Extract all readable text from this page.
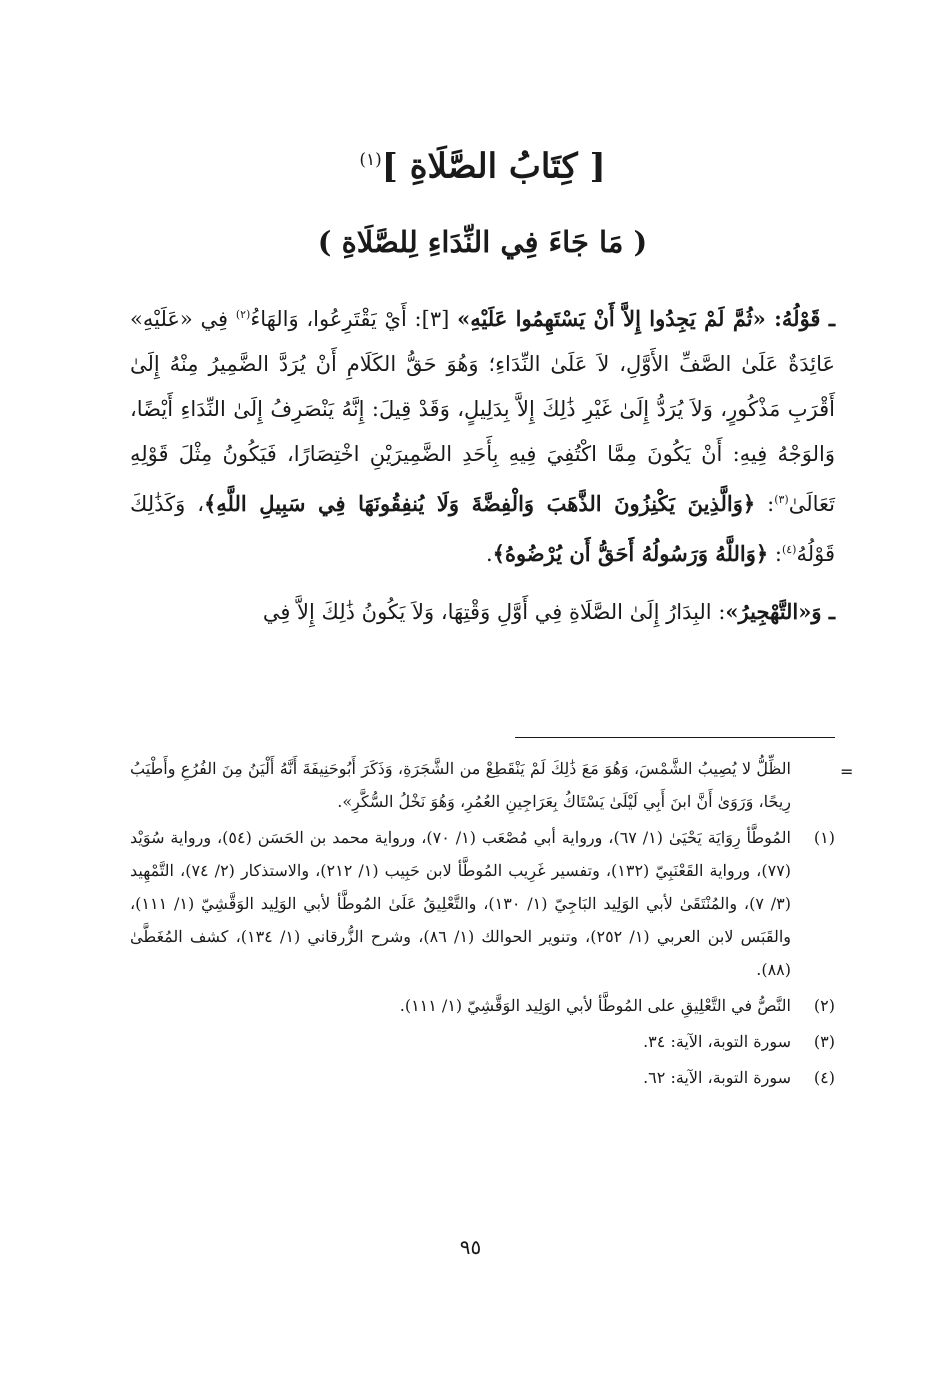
[ كِتَابُ الصَّلَاةِ ]$^{(١)}$
( مَا جَاءَ فِي النِّدَاءِ لِلصَّلَاةِ )

ـ قَوْلُهُ: «ثُمَّ لَمْ يَجِدُوا إِلاَّ أَنْ يَسْتَهِمُوا عَلَيْهِ» [٣]: أَيْ يَقْتَرِعُوا، وَالهَاءُ$^{(٢)}$ فِي «عَلَيْهِ» عَائِدَةٌ عَلَىٰ الصَّفِّ الأَوَّلِ، لاَ عَلَىٰ النِّدَاءِ؛ وَهُوَ حَقُّ الكَلَامِ أَنْ يُرَدَّ الضَّمِيرُ مِنْهُ إِلَىٰ أَقْرَبِ مَذْكُورٍ، وَلاَ يُرَدُّ إِلَىٰ غَيْرِ ذَٰلِكَ إِلاَّ بِدَلِيلٍ، وَقَدْ قِيلَ: إِنَّهُ يَنْصَرِفُ إِلَىٰ النِّدَاءِ أَيْضًا، وَالوَجْهُ فِيهِ: أَنْ يَكُونَ مِمَّا اكْتُفِيَ فِيهِ بِأَحَدِ الضَّمِيرَيْنِ اخْتِصَارًا، فَيَكُونُ مِثْلَ قَوْلِهِ تَعَالَىٰ$^{(٣)}$: ﴿وَالَّذِينَ يَكْنِزُونَ الذَّهَبَ وَالْفِضَّةَ وَلَا يُنفِقُونَهَا فِي سَبِيلِ اللَّهِ﴾، وَكَذَٰلِكَ قَوْلُهُ$^{(٤)}$: ﴿وَاللَّهُ وَرَسُولُهُ أَحَقُّ أَن يُرْضُوهُ﴾.

ـ وَ«التَّهْجِيرُ»: البِدَارُ إِلَىٰ الصَّلَاةِ فِي أَوَّلِ وَقْتِهَا، وَلاَ يَكُونُ ذَٰلِكَ إِلاَّ فِي

الظِّلُّ لا يُصِيبُ الشَّمْسَ، وَهُوَ مَعَ ذَٰلِكَ لَمْ يَنْقَطِعْ من الشَّجَرَةِ، وَذَكَرَ أَبُوحَنِيفَةَ أَنَّهُ أَلْيَنُ مِنَ الفُرُعِ وأَطْيَبُ رِيحًا، وَرَوَىٰ أَنَّ ابنَ أَبِي لَيْلَىٰ يَسْتَاكُ بِعَرَاجِينِ العُمُرِ، وَهُوَ نَخْلُ السُّكَّرِ».
(١)
المُوطَّأ رِوَايَة يَحْيَىٰ (١/ ٦٧)، ورواية أبي مُصْعَب (١/ ٧٠)، ورواية محمد بن الحَسَن (٥٤)، ورواية سُوَيْد (٧٧)، ورواية القَعْنَبِيّ (١٣٢)، وتفسير غَرِيب المُوطَّأ لابن حَبِيب (١/ ٢١٢)، والاستذكار (٢/ ٧٤)، التَّمْهِيد (٣/ ٧)، والمُنْتَقَىٰ لأبي الوَلِيد البَاجِيّ (١/ ١٣٠)، والتَّعْلِيقُ عَلَىٰ المُوطَّأ لأبي الوَلِيد الوَقَّشِيّ (١/ ١١١)، والقَبَس لابن العربي (١/ ٢٥٢)، وتنوير الحوالك (١/ ٨٦)، وشرح الزُّرقاني (١/ ١٣٤)، كشف المُغَطَّىٰ (٨٨).
(٢)
النَّصُّ في التَّعْلِيقِ على المُوطَّأ لأبي الوَلِيد الوَقَّشِيّ (١/ ١١١).
(٣)
سورة التوبة، الآية: ٣٤.
(٤)
سورة التوبة، الآية: ٦٢.
=
٩٥
